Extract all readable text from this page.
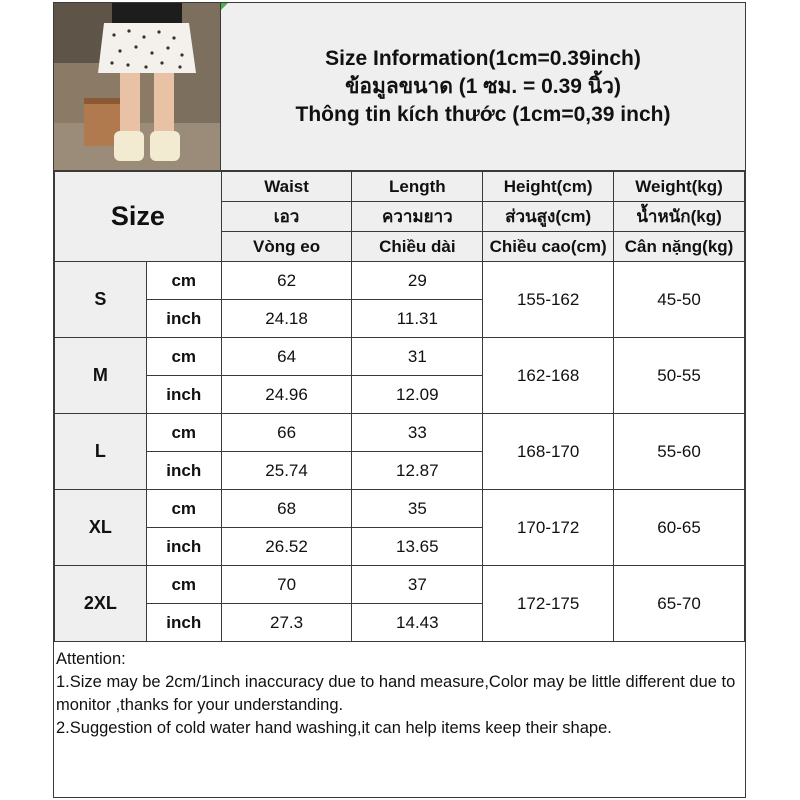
Size Information(1cm=0.39inch)
ข้อมูลขนาด (1 ซม. = 0.39 นิ้ว)
Thông tin kích thước (1cm=0,39 inch)
Size		Waist	Length	Height(cm)	Weight(kg)
		เอว	ความยาว	ส่วนสูง(cm)	น้ำหนัก(kg)
		Vòng eo	Chiều dài	Chiều cao(cm)	Cân nặng(kg)
S	cm	62	29	155-162	45-50
	inch	24.18	11.31		
M	cm	64	31	162-168	50-55
	inch	24.96	12.09		
L	cm	66	33	168-170	55-60
	inch	25.74	12.87		
XL	cm	68	35	170-172	60-65
	inch	26.52	13.65		
2XL	cm	70	37	172-175	65-70
	inch	27.3	14.43		
Attention:
1.Size may be 2cm/1inch inaccuracy due to hand measure,Color may be little different due to monitor ,thanks for your understanding.
2.Suggestion of cold water hand washing,it can help items keep their shape.
